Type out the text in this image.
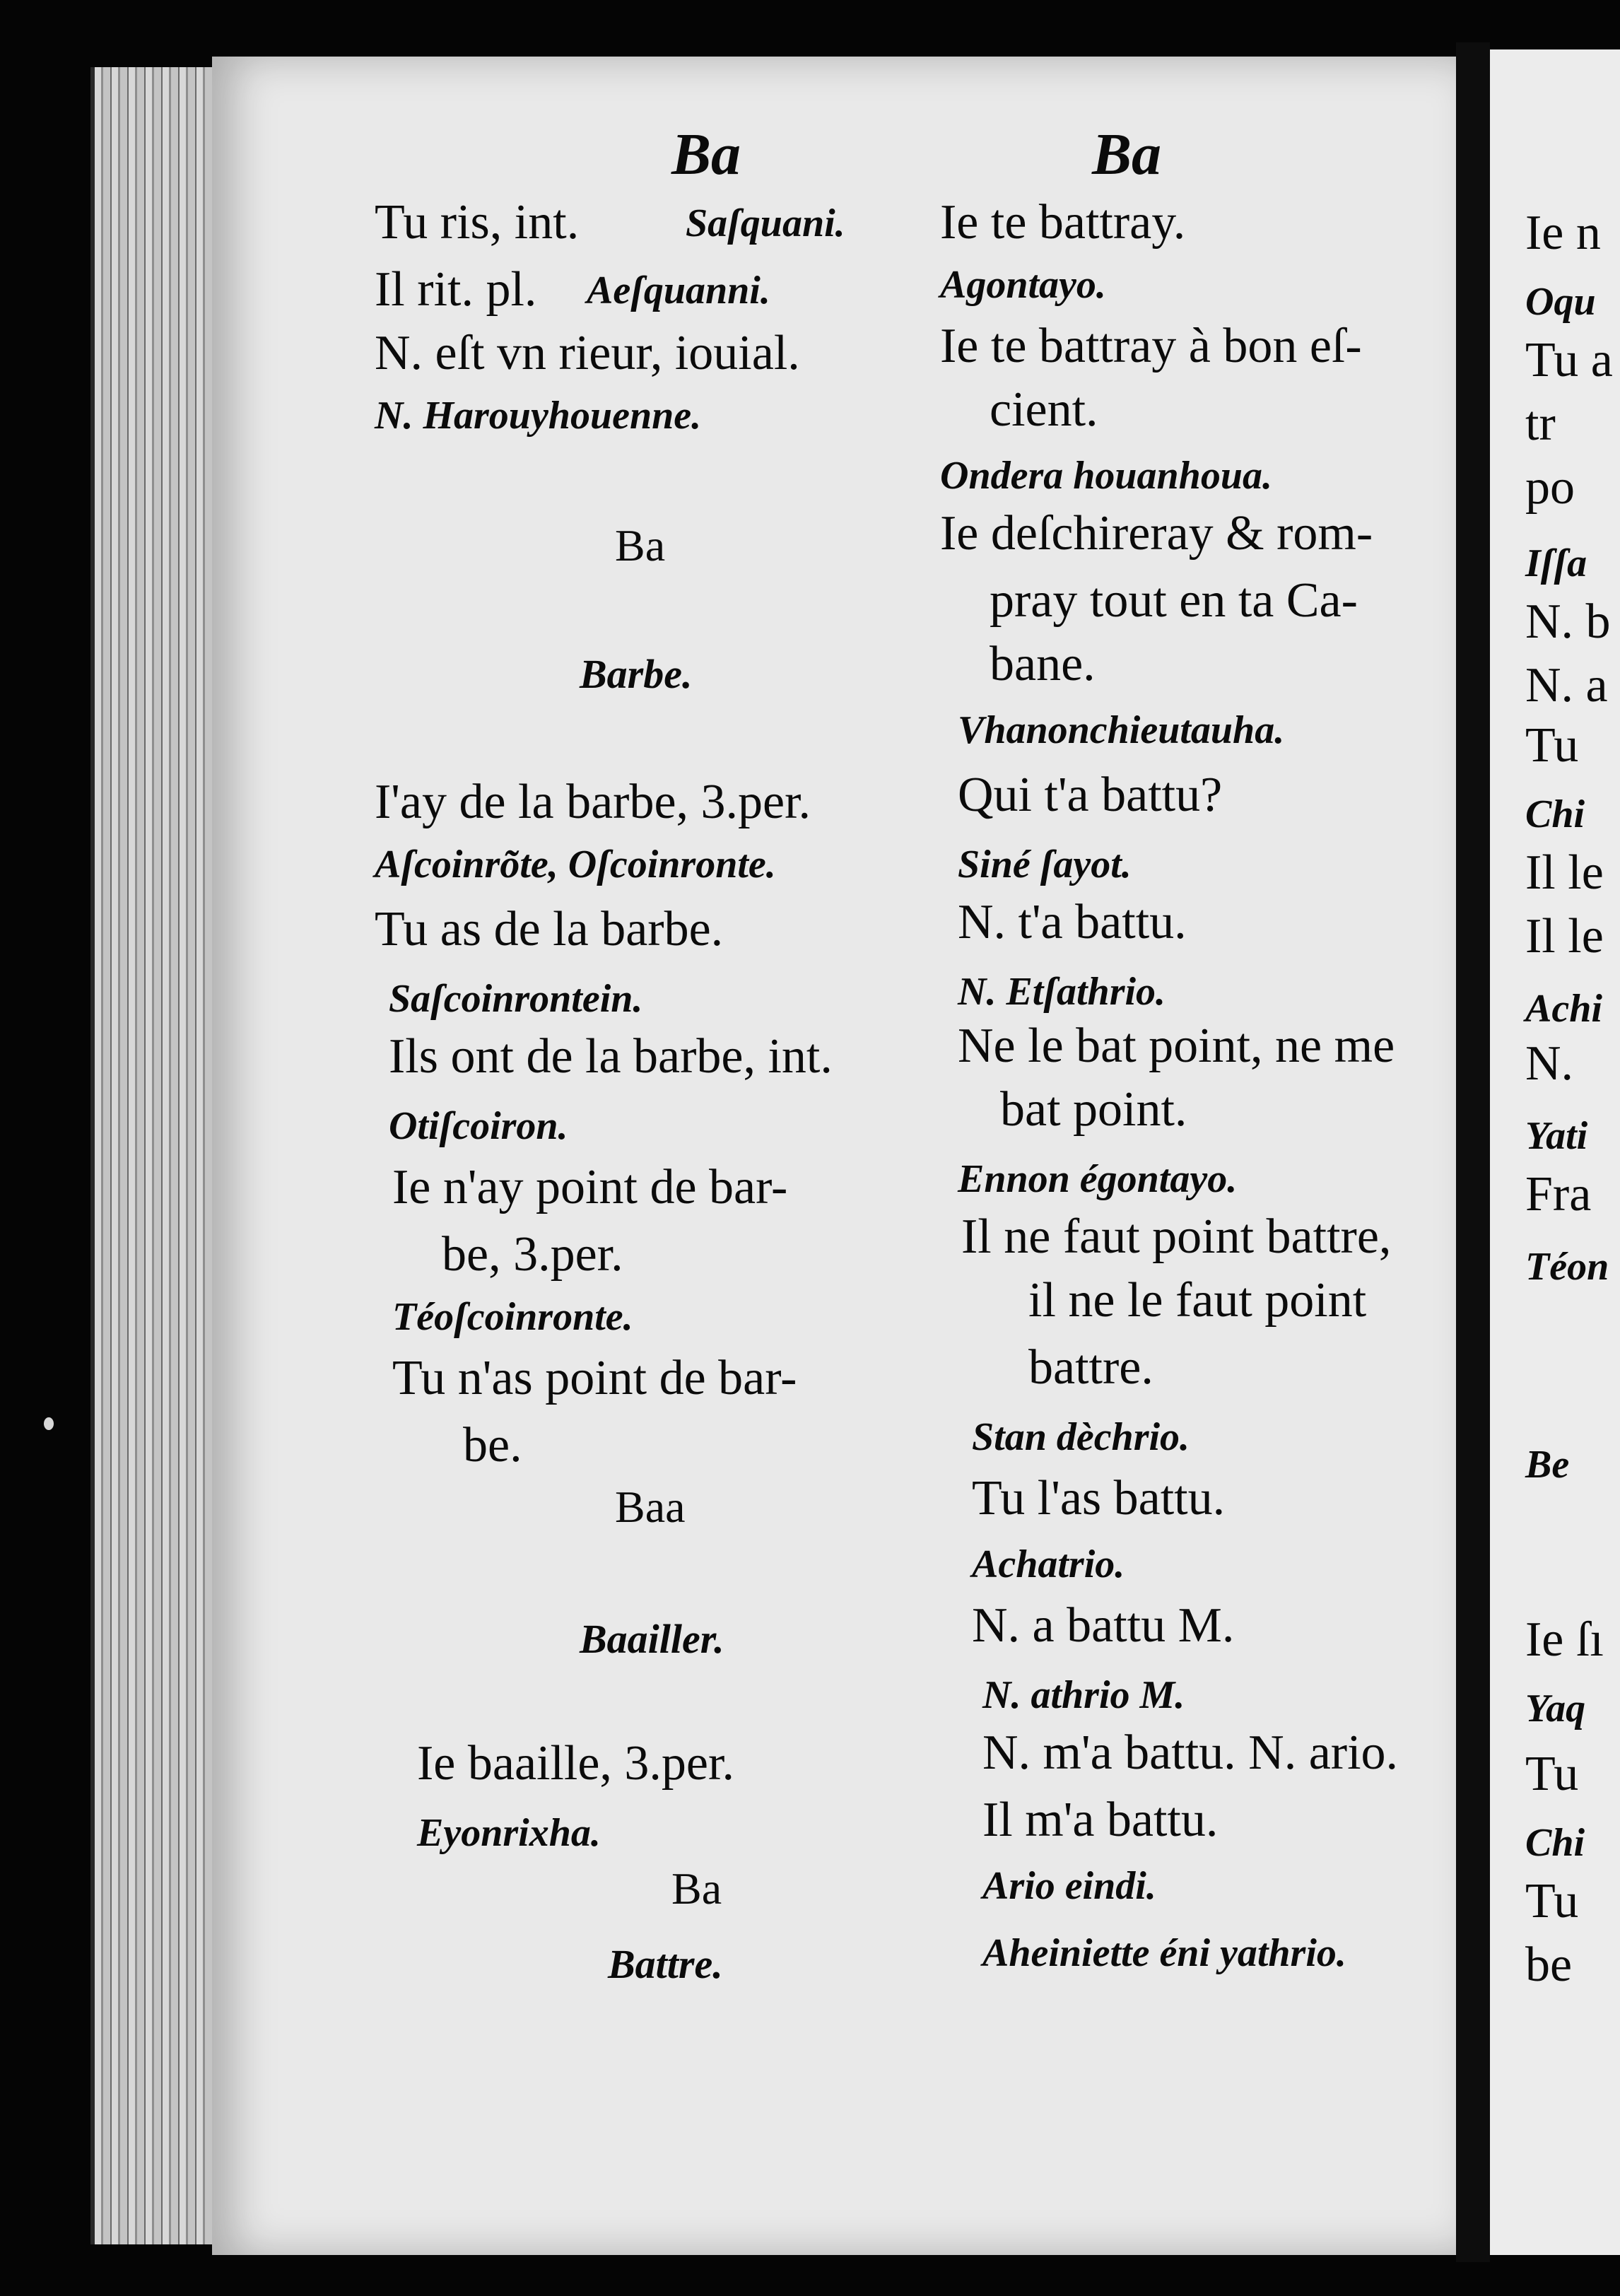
Ba
Tu ris, int.	Saſquani.
Il rit. pl. Aeſquanni.
N. eſt vn rieur, iouial.
N. Harouyhouenne.
Ba
Barbe.
I'ay de la barbe, 3.per.
Aſcoinrõte, Oſcoinronte.
Tu as de la barbe.
Saſcoinrontein.
Ils ont de la barbe, int.
Otiſcoiron.
Ie n'ay point de bar-
be, 3.per.
Téoſcoinronte.
Tu n'as point de bar-
be.
Baa
Baailler.
Ie baaille, 3.per.
Eyonrixha.
Ba
Battre.
Ba
Ie te battray.
Agontayo.
Ie te battray à bon eſ-
cient.
Ondera houanhoua.
Ie deſchireray & rom-
pray tout en ta Ca-
bane.
Vhanonchieutauha.
Qui t'a battu?
Siné ſayot.
N. t'a battu.
N. Etſathrio.
Ne le bat point, ne me
bat point.
Ennon égontayo.
Il ne faut point battre,
il ne le faut point
battre.
Stan dèchrio.
Tu l'as battu.
Achatrio.
N. a battu M.
N. athrio M.
N. m'a battu. N. ario.
Il m'a battu.
Ario eindi.
Aheiniette éni yathrio.
Ie n
Oqu
Tu a
tr
po
Iſſa
N. b
N. a
Tu
Chi
Il le
Il le
Achi
N.
Yati
Fra
Téon
Be
Ie ſı
Yaq
Tu
Chi
Tu
be
